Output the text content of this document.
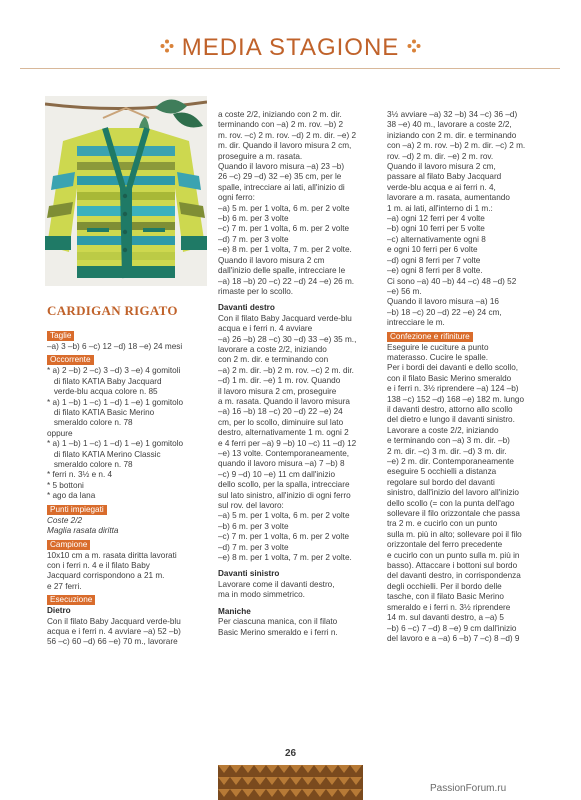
MEDIA STAGIONE
CARDIGAN RIGATO
Taglie

–a) 3 –b) 6 –c) 12 –d) 18 –e) 24 mesi

Occorrente

* a) 2 –b) 2 –c) 3 –d) 3 –e) 4 gomitoli

di filato KATIA Baby Jacquard

verde-blu acqua colore n. 85

* a) 1 –b) 1 –c) 1 –d) 1 –e) 1 gomitolo

di filato KATIA Basic Merino

smeraldo colore n. 78

oppure

* a) 1 –b) 1 –c) 1 –d) 1 –e) 1 gomitolo

di filato KATIA Merino Classic

smeraldo colore n. 78

* ferri n. 3½ e n. 4

* 5 bottoni

* ago da lana

Punti impiegati

Coste 2/2

Maglia rasata diritta

Campione

10x10 cm a m. rasata diritta lavorati

con i ferri n. 4 e il filato Baby

Jacquard corrispondono a 21 m.

e 27 ferri.

Esecuzione

Dietro

Con il filato Baby Jacquard verde-blu

acqua e i ferri n. 4 avviare –a) 52 –b)

56 –c) 60 –d) 66 –e) 70 m., lavorare

a coste 2/2, iniziando con 2 m. dir.

terminando con –a) 2 m. rov. –b) 2

m. rov. –c) 2 m. rov. –d) 2 m. dir. –e) 2

m. dir. Quando il lavoro misura 2 cm,

proseguire a m. rasata.

Quando il lavoro misura –a) 23 –b)

26 –c) 29 –d) 32 –e) 35 cm, per le

spalle, intrecciare ai lati, all'inizio di

ogni ferro:

–a) 5 m. per 1 volta, 6 m. per 2 volte

–b) 6 m. per 3 volte

–c) 7 m. per 1 volta, 6 m. per 2 volte

–d) 7 m. per 3 volte

–e) 8 m. per 1 volta, 7 m. per 2 volte.

Quando il lavoro misura 2 cm

dall'inizio delle spalle, intrecciare le

–a) 18 –b) 20 –c) 22 –d) 24 –e) 26 m.

rimaste per lo scollo.

Davanti destro

Con il filato Baby Jacquard verde-blu

acqua e i ferri n. 4 avviare

–a) 26 –b) 28 –c) 30 –d) 33 –e) 35 m.,

lavorare a coste 2/2, iniziando

con 2 m. dir. e terminando con

–a) 2 m. dir. –b) 2 m. rov. –c) 2 m. dir.

–d) 1 m. dir. –e) 1 m. rov. Quando

il lavoro misura 2 cm, proseguire

a m. rasata. Quando il lavoro misura

–a) 16 –b) 18 –c) 20 –d) 22 –e) 24

cm, per lo scollo, diminuire sul lato

destro, alternativamente 1 m. ogni 2

e 4 ferri per –a) 9 –b) 10 –c) 11 –d) 12

–e) 13 volte. Contemporaneamente,

quando il lavoro misura –a) 7 –b) 8

–c) 9 –d) 10 –e) 11 cm dall'inizio

dello scollo, per la spalla, intrecciare

sul lato sinistro, all'inizio di ogni ferro

sul rov. del lavoro:

–a) 5 m. per 1 volta, 6 m. per 2 volte

–b) 6 m. per 3 volte

–c) 7 m. per 1 volta, 6 m. per 2 volte

–d) 7 m. per 3 volte

–e) 8 m. per 1 volta, 7 m. per 2 volte.

Davanti sinistro

Lavorare come il davanti destro,

ma in modo simmetrico.

Maniche

Per ciascuna manica, con il filato

Basic Merino smeraldo e i ferri n.

3½ avviare –a) 32 –b) 34 –c) 36 –d)

38 –e) 40 m., lavorare a coste 2/2,

iniziando con 2 m. dir. e terminando

con –a) 2 m. rov. –b) 2 m. dir. –c) 2 m.

rov. –d) 2 m. dir. –e) 2 m. rov.

Quando il lavoro misura 2 cm,

passare al filato Baby Jacquard

verde-blu acqua e ai ferri n. 4,

lavorare a m. rasata, aumentando

1 m. ai lati, all'interno di 1 m.:

–a) ogni 12 ferri per 4 volte

–b) ogni 10 ferri per 5 volte

–c) alternativamente ogni 8

e ogni 10 ferri per 6 volte

–d) ogni 8 ferri per 7 volte

–e) ogni 8 ferri per 8 volte.

Ci sono –a) 40 –b) 44 –c) 48 –d) 52

–e) 56 m.

Quando il lavoro misura –a) 16

–b) 18 –c) 20 –d) 22 –e) 24 cm,

intrecciare le m.

Confezione e rifiniture

Eseguire le cuciture a punto

materasso. Cucire le spalle.

Per i bordi dei davanti e dello scollo,

con il filato Basic Merino smeraldo

e i ferri n. 3½ riprendere –a) 124 –b)

138 –c) 152 –d) 168 –e) 182 m. lungo

il davanti destro, attorno allo scollo

del dietro e lungo il davanti sinistro.

Lavorare a coste 2/2, iniziando

e terminando con –a) 3 m. dir. –b)

2 m. dir. –c) 3 m. dir. –d) 3 m. dir.

–e) 2 m. dir. Contemporaneamente

eseguire 5 occhielli a distanza

regolare sul bordo del davanti

sinistro, dall'inizio del lavoro all'inizio

dello scollo (= con la punta dell'ago

sollevare il filo orizzontale che passa

tra 2 m. e cucirlo con un punto

sulla m. più in alto; sollevare poi il filo

orizzontale del ferro precedente

e cucirlo con un punto sulla m. più in

basso). Attaccare i bottoni sul bordo

del davanti destro, in corrispondenza

degli occhielli. Per il bordo delle

tasche, con il filato Basic Merino

smeraldo e i ferri n. 3½ riprendere

14 m. sul davanti destro, a –a) 5

–b) 6 –c) 7 –d) 8 –e) 9 cm dall'inizio

del lavoro e a –a) 6 –b) 7 –c) 8 –d) 9

26
PassionForum.ru
